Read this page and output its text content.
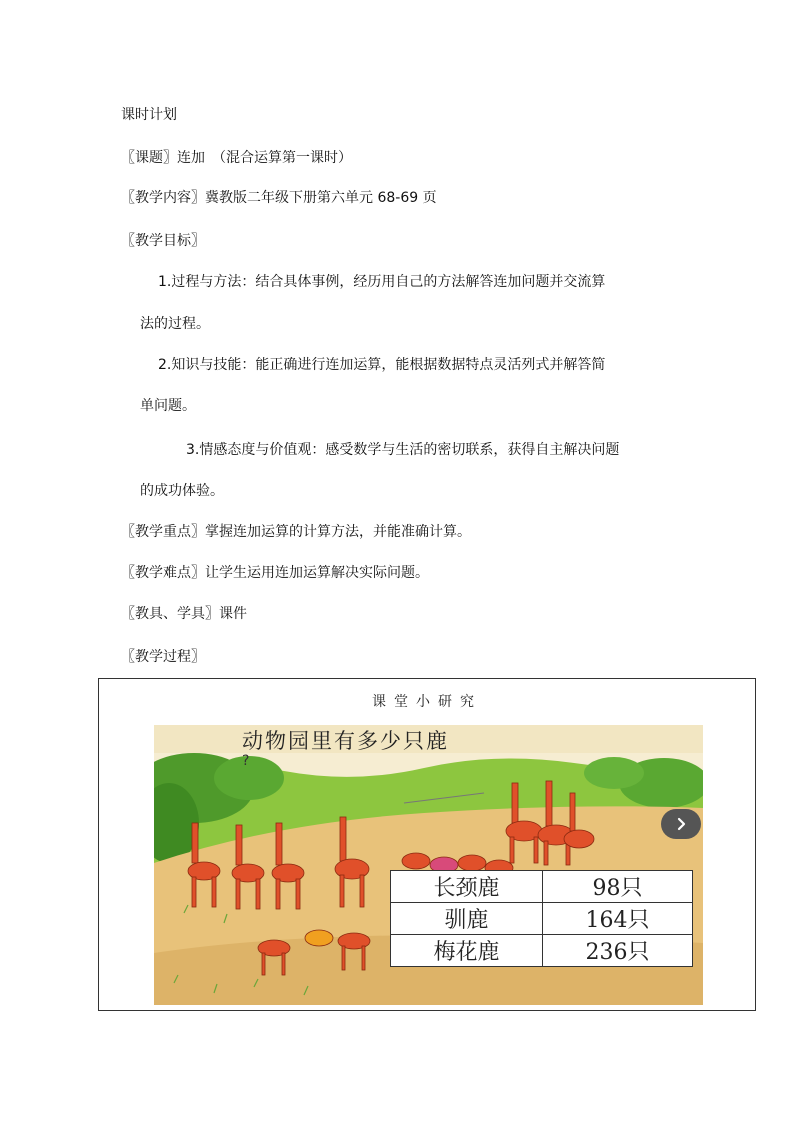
课时计划
〖课题〗连加　（混合运算第一课时）
〖教学内容〗冀教版二年级下册第六单元 68-69 页
〖教学目标〗
1.过程与方法：结合具体事例，经历用自己的方法解答连加问题并交流算
法的过程。
2.知识与技能：能正确进行连加运算，能根据数据特点灵活列式并解答简
单问题。
3.情感态度与价值观：感受数学与生活的密切联系，获得自主解决问题
的成功体验。
〖教学重点〗掌握连加运算的计算方法，并能准确计算。
〖教学难点〗让学生运用连加运算解决实际问题。
〖教具、学具〗课件
〖教学过程〗
课堂小研究
动物园里有多少只鹿
?
长颈鹿	98只
驯鹿	164只
梅花鹿	236只
